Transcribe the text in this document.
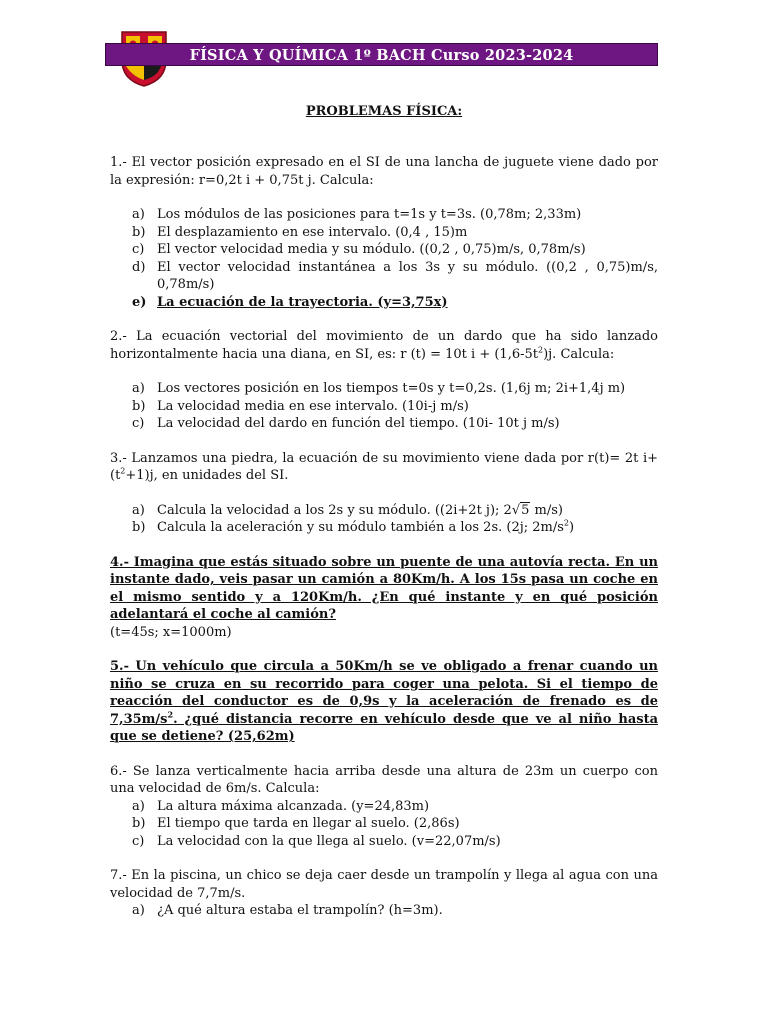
FÍSICA Y QUÍMICA 1º BACH Curso 2023-2024
PROBLEMAS FÍSICA:

1.- El vector posición expresado en el SI de una lancha de juguete viene dado por la expresión: r=0,2t i + 0,75t j. Calcula:

a) Los módulos de las posiciones para t=1s y t=3s. (0,78m; 2,33m)
b) El desplazamiento en ese intervalo. (0,4 , 15)m
c) El vector velocidad media y su módulo. ((0,2 , 0,75)m/s, 0,78m/s)
d) El vector velocidad instantánea a los 3s y su módulo. ((0,2 , 0,75)m/s, 0,78m/s)
e) La ecuación de la trayectoria. (y=3,75x)

2.- La ecuación vectorial del movimiento de un dardo que ha sido lanzado horizontalmente hacia una diana, en SI, es: r (t) = 10t $i + (1,6-5t^2)j$. Calcula:

a) Los vectores posición en los tiempos t=0s y t=0,2s. (1,6j m; 2i+1,4j m)
b) La velocidad media en ese intervalo. (10i-j m/s)
c) La velocidad del dardo en función del tiempo. (10i- 10t j m/s)

3.- Lanzamos una piedra, la ecuación de su movimiento viene dada por r(t)= 2t $i+ (t^2+1)j$, en unidades del SI.

a) Calcula la velocidad a los 2s y su módulo. ((2i+2t j); 2√5 m/s)
b) Calcula la aceleración y su módulo también a los 2s. (2j; $2m/s^2$)

4.- Imagina que estás situado sobre un puente de una autovía recta. En un instante dado, veis pasar un camión a 80Km/h. A los 15s pasa un coche en el mismo sentido y a 120Km/h. ¿En qué instante y en qué posición adelantará el coche al camión?
(t=45s; x=1000m)

5.- Un vehículo que circula a 50Km/h se ve obligado a frenar cuando un niño se cruza en su recorrido para coger una pelota. Si el tiempo de reacción del conductor es de 0,9s y la aceleración de frenado es de $7,35m/s^2$. ¿qué distancia recorre en vehículo desde que ve al niño hasta que se detiene? (25,62m)

6.- Se lanza verticalmente hacia arriba desde una altura de 23m un cuerpo con una velocidad de 6m/s. Calcula:

a) La altura máxima alcanzada. (y=24,83m)
b) El tiempo que tarda en llegar al suelo. (2,86s)
c) La velocidad con la que llega al suelo. (v=22,07m/s)

7.- En la piscina, un chico se deja caer desde un trampolín y llega al agua con una velocidad de 7,7m/s.

a) ¿A qué altura estaba el trampolín? (h=3m).
